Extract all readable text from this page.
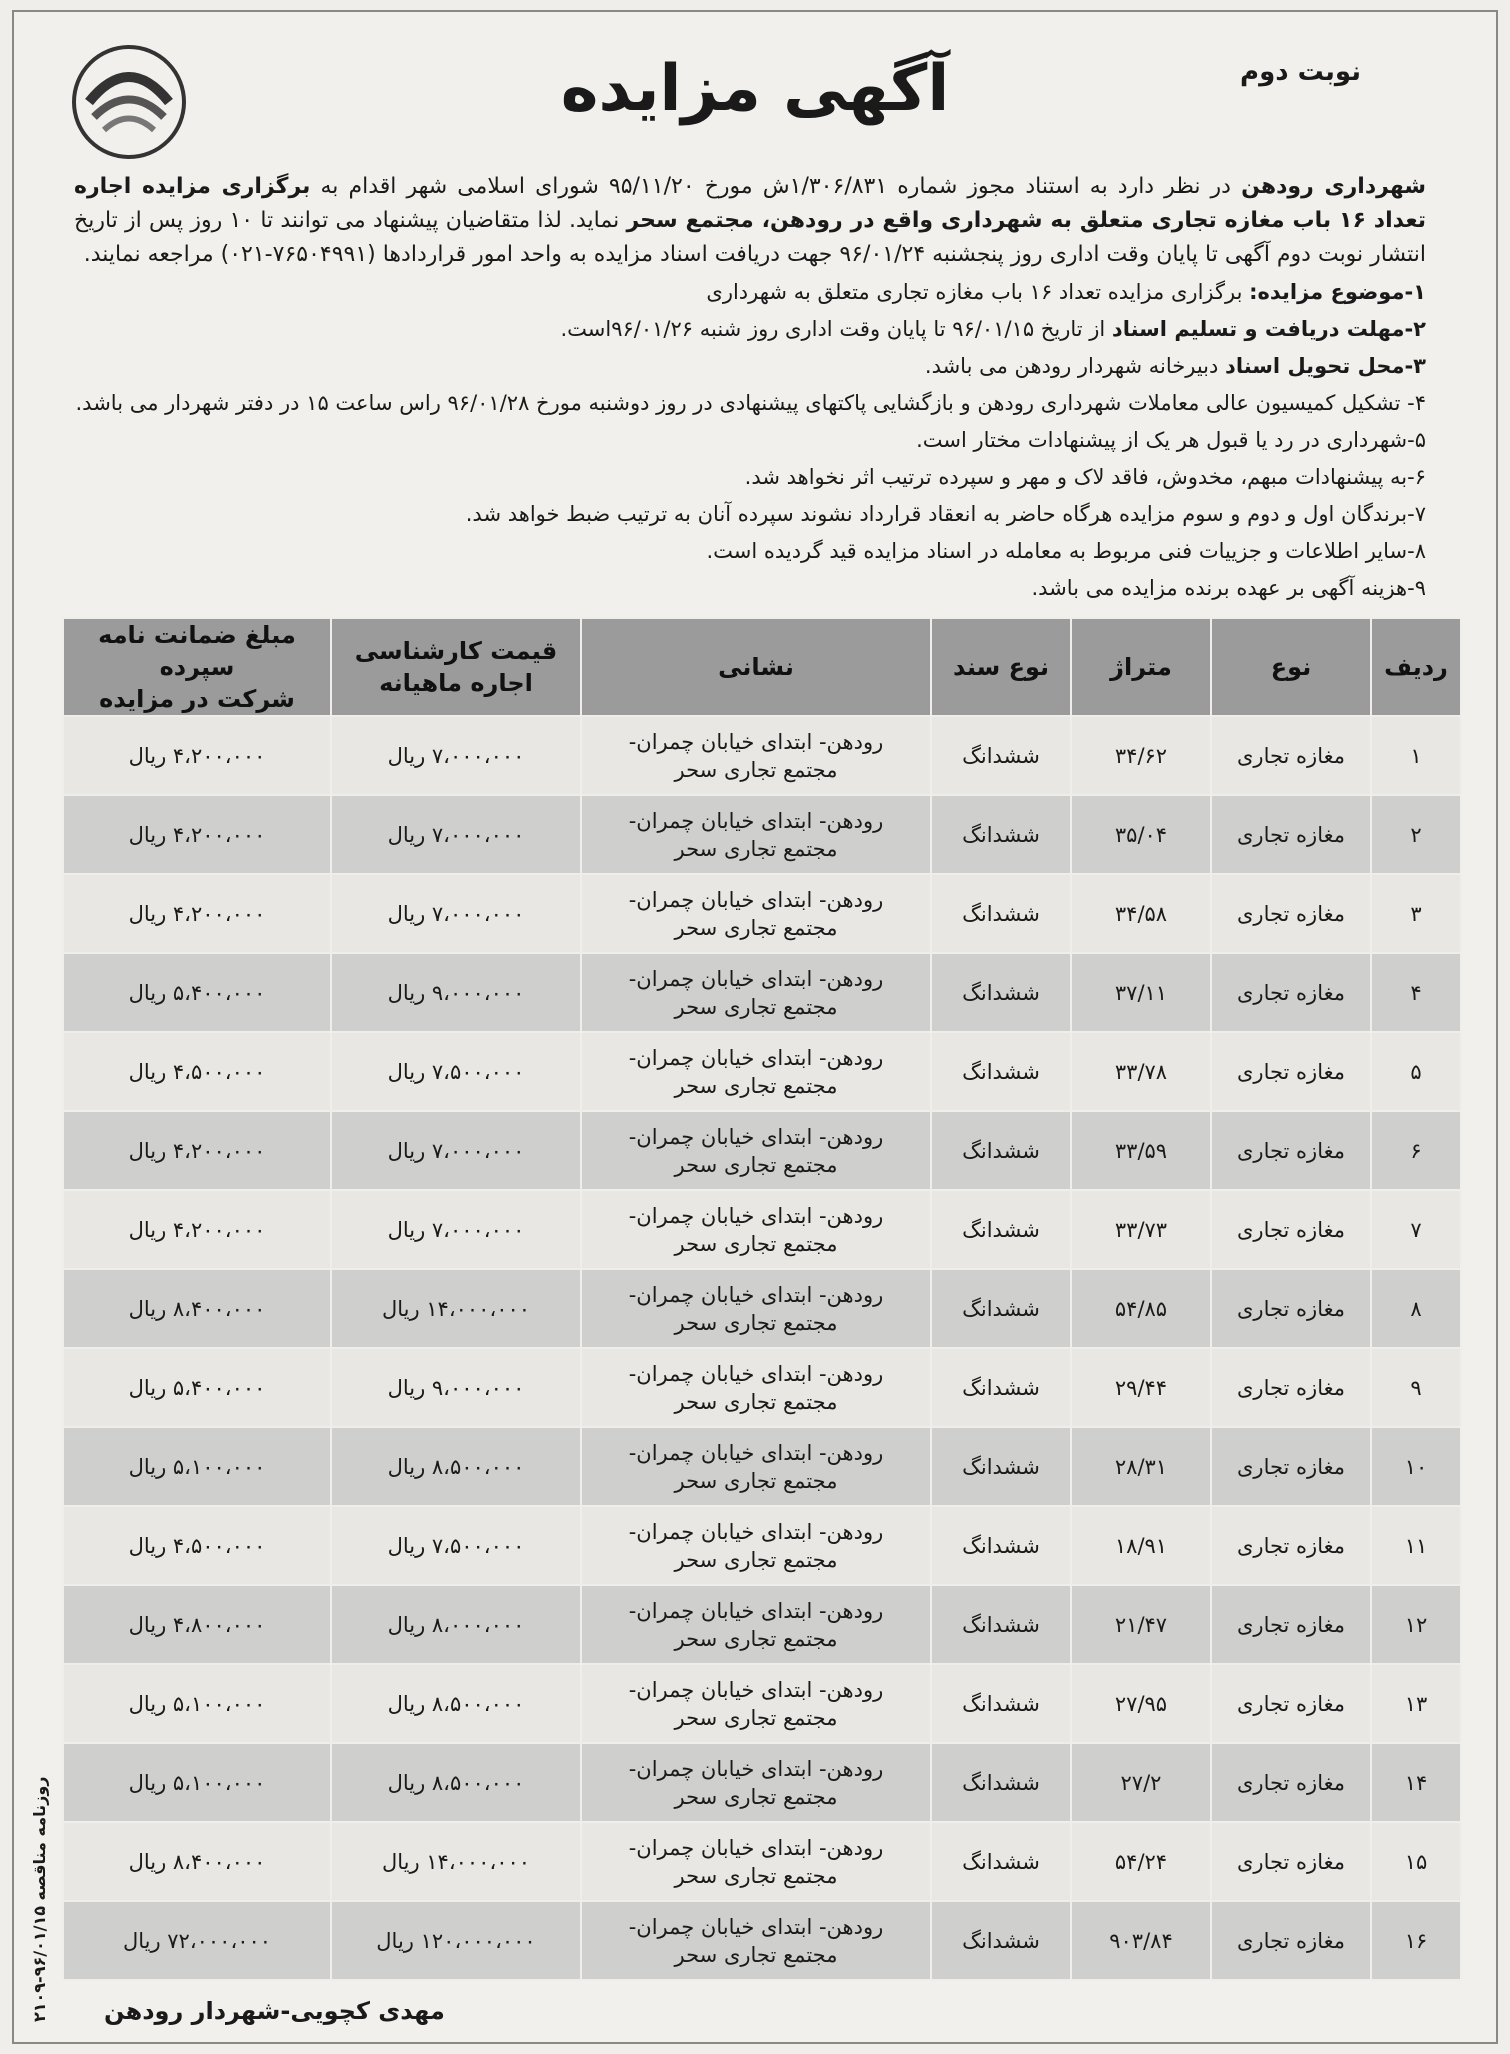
نوبت دوم
آگهی مزایده
شهرداری رودهن در نظر دارد به استناد مجوز شماره ۱/۳۰۶/۸۳۱ش مورخ ۹۵/۱۱/۲۰ شورای اسلامی شهر اقدام به برگزاری مزایده اجاره تعداد ۱۶ باب مغازه تجاری متعلق به شهرداری واقع در رودهن، مجتمع سحر نماید. لذا متقاضیان پیشنهاد می توانند تا ۱۰ روز پس از تاریخ انتشار نوبت دوم آگهی تا پایان وقت اداری روز پنجشنبه ۹۶/۰۱/۲۴ جهت دریافت اسناد مزایده به واحد امور قراردادها (۷۶۵۰۴۹۹۱-۰۲۱) مراجعه نمایند.
۱-موضوع مزایده: برگزاری مزایده تعداد ۱۶ باب مغازه تجاری متعلق به شهرداری
۲-مهلت دریافت و تسلیم اسناد از تاریخ ۹۶/۰۱/۱۵ تا پایان وقت اداری روز شنبه ۹۶/۰۱/۲۶است.
۳-محل تحویل اسناد دبیرخانه شهردار رودهن می باشد.
۴- تشکیل کمیسیون عالی معاملات شهرداری رودهن و بازگشایی پاکتهای پیشنهادی در روز دوشنبه مورخ ۹۶/۰۱/۲۸ راس ساعت ۱۵ در دفتر شهردار می باشد.
۵-شهرداری در رد یا قبول هر یک از پیشنهادات مختار است.
۶-به پیشنهادات مبهم، مخدوش، فاقد لاک و مهر و سپرده ترتیب اثر نخواهد شد.
۷-برندگان اول و دوم و سوم مزایده هرگاه حاضر به انعقاد قرارداد نشوند سپرده آنان به ترتیب ضبط خواهد شد.
۸-سایر اطلاعات و جزییات فنی مربوط به معامله در اسناد مزایده قید گردیده است.
۹-هزینه آگهی بر عهده برنده مزایده می باشد.
ردیف	نوع	متراژ	نوع سند	نشانی	قیمت کارشناسی
اجاره ماهیانه	مبلغ ضمانت نامه سپرده
شرکت در مزایده
۱	مغازه تجاری	۳۴/۶۲	ششدانگ	رودهن- ابتدای خیابان چمران-
مجتمع تجاری سحر	۷،۰۰۰،۰۰۰ ریال	۴،۲۰۰،۰۰۰ ریال
۲	مغازه تجاری	۳۵/۰۴	ششدانگ	رودهن- ابتدای خیابان چمران-
مجتمع تجاری سحر	۷،۰۰۰،۰۰۰ ریال	۴،۲۰۰،۰۰۰ ریال
۳	مغازه تجاری	۳۴/۵۸	ششدانگ	رودهن- ابتدای خیابان چمران-
مجتمع تجاری سحر	۷،۰۰۰،۰۰۰ ریال	۴،۲۰۰،۰۰۰ ریال
۴	مغازه تجاری	۳۷/۱۱	ششدانگ	رودهن- ابتدای خیابان چمران-
مجتمع تجاری سحر	۹،۰۰۰،۰۰۰ ریال	۵،۴۰۰،۰۰۰ ریال
۵	مغازه تجاری	۳۳/۷۸	ششدانگ	رودهن- ابتدای خیابان چمران-
مجتمع تجاری سحر	۷،۵۰۰،۰۰۰ ریال	۴،۵۰۰،۰۰۰ ریال
۶	مغازه تجاری	۳۳/۵۹	ششدانگ	رودهن- ابتدای خیابان چمران-
مجتمع تجاری سحر	۷،۰۰۰،۰۰۰ ریال	۴،۲۰۰،۰۰۰ ریال
۷	مغازه تجاری	۳۳/۷۳	ششدانگ	رودهن- ابتدای خیابان چمران-
مجتمع تجاری سحر	۷،۰۰۰،۰۰۰ ریال	۴،۲۰۰،۰۰۰ ریال
۸	مغازه تجاری	۵۴/۸۵	ششدانگ	رودهن- ابتدای خیابان چمران-
مجتمع تجاری سحر	۱۴،۰۰۰،۰۰۰ ریال	۸،۴۰۰،۰۰۰ ریال
۹	مغازه تجاری	۲۹/۴۴	ششدانگ	رودهن- ابتدای خیابان چمران-
مجتمع تجاری سحر	۹،۰۰۰،۰۰۰ ریال	۵،۴۰۰،۰۰۰ ریال
۱۰	مغازه تجاری	۲۸/۳۱	ششدانگ	رودهن- ابتدای خیابان چمران-
مجتمع تجاری سحر	۸،۵۰۰،۰۰۰ ریال	۵،۱۰۰،۰۰۰ ریال
۱۱	مغازه تجاری	۱۸/۹۱	ششدانگ	رودهن- ابتدای خیابان چمران-
مجتمع تجاری سحر	۷،۵۰۰،۰۰۰ ریال	۴،۵۰۰،۰۰۰ ریال
۱۲	مغازه تجاری	۲۱/۴۷	ششدانگ	رودهن- ابتدای خیابان چمران-
مجتمع تجاری سحر	۸،۰۰۰،۰۰۰ ریال	۴،۸۰۰،۰۰۰ ریال
۱۳	مغازه تجاری	۲۷/۹۵	ششدانگ	رودهن- ابتدای خیابان چمران-
مجتمع تجاری سحر	۸،۵۰۰،۰۰۰ ریال	۵،۱۰۰،۰۰۰ ریال
۱۴	مغازه تجاری	۲۷/۲	ششدانگ	رودهن- ابتدای خیابان چمران-
مجتمع تجاری سحر	۸،۵۰۰،۰۰۰ ریال	۵،۱۰۰،۰۰۰ ریال
۱۵	مغازه تجاری	۵۴/۲۴	ششدانگ	رودهن- ابتدای خیابان چمران-
مجتمع تجاری سحر	۱۴،۰۰۰،۰۰۰ ریال	۸،۴۰۰،۰۰۰ ریال
۱۶	مغازه تجاری	۹۰۳/۸۴	ششدانگ	رودهن- ابتدای خیابان چمران-
مجتمع تجاری سحر	۱۲۰،۰۰۰،۰۰۰ ریال	۷۲،۰۰۰،۰۰۰ ریال
مهدی کچویی-شهردار رودهن
روزنامه مناقصه ۹۶/۰۱/۱۵-۲۱۰۹
